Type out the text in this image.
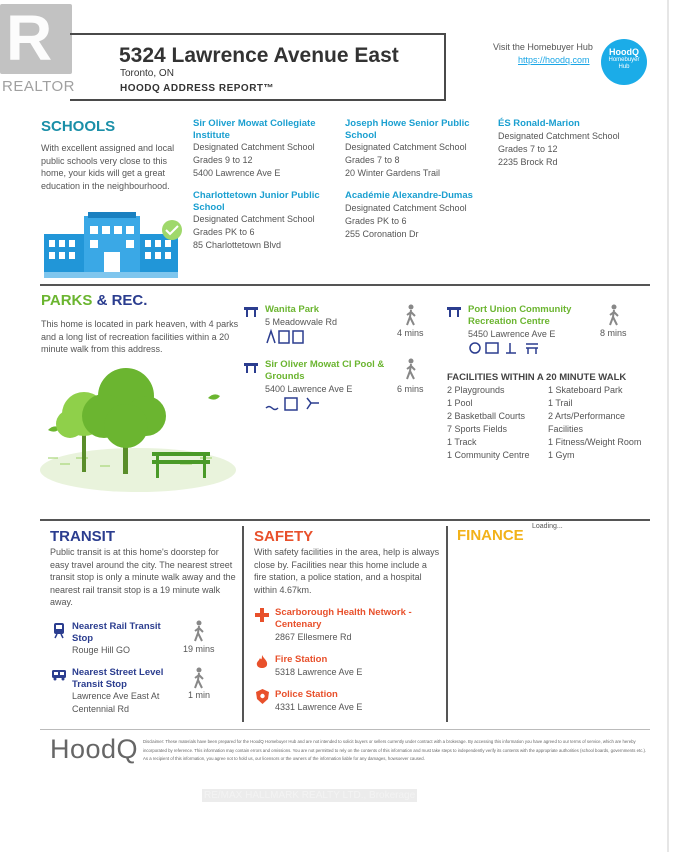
R
REALTOR
5324 Lawrence Avenue East
Toronto, ON
HOODQ ADDRESS REPORT™
Visit the Homebuyer Hub
https://hoodq.com
HoodQ
Homebuyer
Hub
SCHOOLS
With excellent assigned and local public schools very close to this home, your kids will get a great education in the neighbourhood.
Sir Oliver Mowat Collegiate Institute
Designated Catchment School
Grades 9 to 12
5400 Lawrence Ave E
Joseph Howe Senior Public School
Designated Catchment School
Grades 7 to 8
20 Winter Gardens Trail
ÉS Ronald-Marion
Designated Catchment School
Grades 7 to 12
2235 Brock Rd
Charlottetown Junior Public School
Designated Catchment School
Grades PK to 6
85 Charlottetown Blvd
Académie Alexandre-Dumas
Designated Catchment School
Grades PK to 6
255 Coronation Dr
PARKS & REC.
This home is located in park heaven, with 4 parks and a long list of recreation facilities within a 20 minute walk from this address.
Wanita Park
5 Meadowvale Rd
4 mins
Port Union Community Recreation Centre
5450 Lawrence Ave E	8 mins
Sir Oliver Mowat CI Pool & Grounds
5400 Lawrence Ave E	6 mins
FACILITIES WITHIN A 20 MINUTE WALK
2 Playgrounds
1 Pool
2 Basketball Courts
7 Sports Fields
1 Track
1 Community Centre
1 Skateboard Park
1 Trail
2 Arts/Performance
Facilities
1 Fitness/Weight Room
1 Gym
TRANSIT
Public transit is at this home's doorstep for easy travel around the city. The nearest street transit stop is only a minute walk away and the nearest rail transit stop is a 19 minute walk away.
Nearest Rail Transit Stop
Rouge Hill GO	19 mins
Nearest Street Level Transit Stop
Lawrence Ave East At Centennial Rd
1 min
SAFETY
With safety facilities in the area, help is always close by. Facilities near this home include a fire station, a police station, and a hospital within 4.67km.
Scarborough Health Network - Centenary
2867 Ellesmere Rd
Fire Station
5318 Lawrence Ave E
Police Station
4331 Lawrence Ave E
FINANCE
Loading...
HoodQ Disclaimer: These materials have been prepared for the HoodQ Homebuyer Hub and are not intended to solicit buyers or sellers currently under contract with a brokerage. By accessing this information you have agreed to our terms of service, which are hereby incorporated by reference. This information may contain errors and omissions. You are not permitted to rely on the contents of this information and must take steps to independently verify its contents with the appropriate authorities (school boards, governments etc.). As a recipient of this information, you agree not to hold us, our licensors or the owners of the information liable for any damages, howsoever caused.
RE/MAX HALLMARK REALTY LTD., Brokerage
